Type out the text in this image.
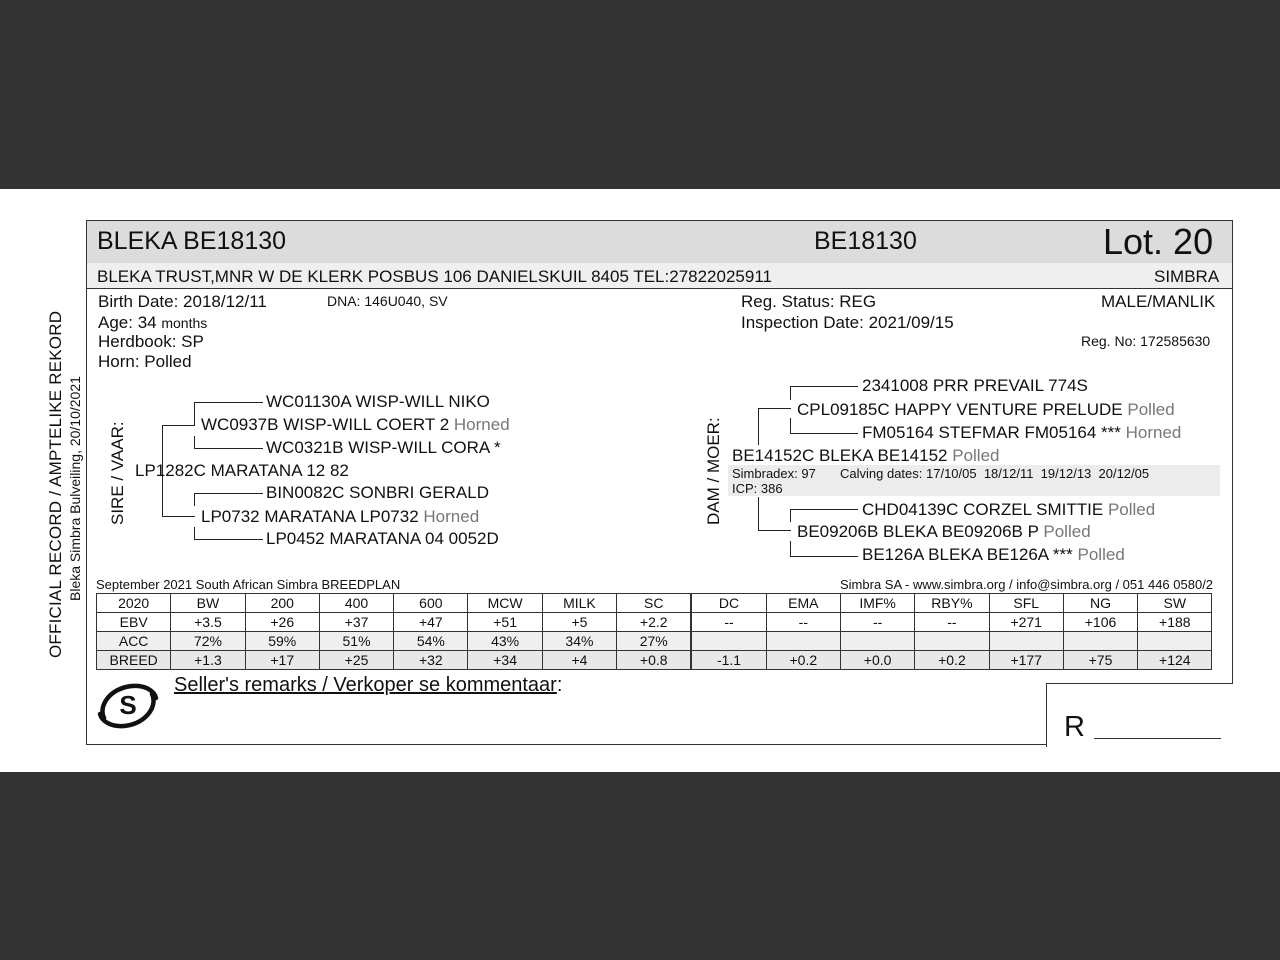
OFFICIAL RECORD / AMPTELIKE REKORD Bleka Simbra Bulveiling, 20/10/2021
BLEKA BE18130	BE18130	Lot. 20
BLEKA TRUST,MNR W DE KLERK POSBUS 106 DANIELSKUIL 8405 TEL:27822025911	SIMBRA
Birth Date: 2018/12/11	DNA: 146U040, SV
Age: 34 months
Herdbook: SP
Horn: Polled
Reg. Status: REG	MALE/MANLIK
Inspection Date: 2021/09/15
Reg. No: 172585630
SIRE / VAAR:
WC01130A WISP-WILL NIKO
WC0937B WISP-WILL COERT 2 Horned
WC0321B WISP-WILL CORA *
LP1282C MARATANA 12 82
BIN0082C SONBRI GERALD
LP0732 MARATANA LP0732 Horned
LP0452 MARATANA 04 0052D
DAM / MOER:
2341008 PRR PREVAIL 774S
CPL09185C HAPPY VENTURE PRELUDE Polled
FM05164 STEFMAR FM05164 *** Horned
BE14152C BLEKA BE14152 Polled
Simbradex: 97 Calving dates: 17/10/05  18/12/11  19/12/13  20/12/05
ICP: 386
CHD04139C CORZEL SMITTIE Polled
BE09206B BLEKA BE09206B P Polled
BE126A BLEKA BE126A *** Polled
September 2021 South African Simbra BREEDPLAN	Simbra SA - www.simbra.org / info@simbra.org / 051 446 0580/2
2020	BW	200	400	600	MCW	MILK	SC	DC	EMA	IMF%	RBY%	SFL	NG	SW
EBV	+3.5	+26	+37	+47	+51	+5	+2.2	--	--	--	--	+271	+106	+188
ACC	72%	59%	51%	54%	43%	34%	27%							
BREED	+1.3	+17	+25	+32	+34	+4	+0.8	-1.1	+0.2	+0.0	+0.2	+177	+75	+124
R
S
Seller's remarks / Verkoper se kommentaar:
